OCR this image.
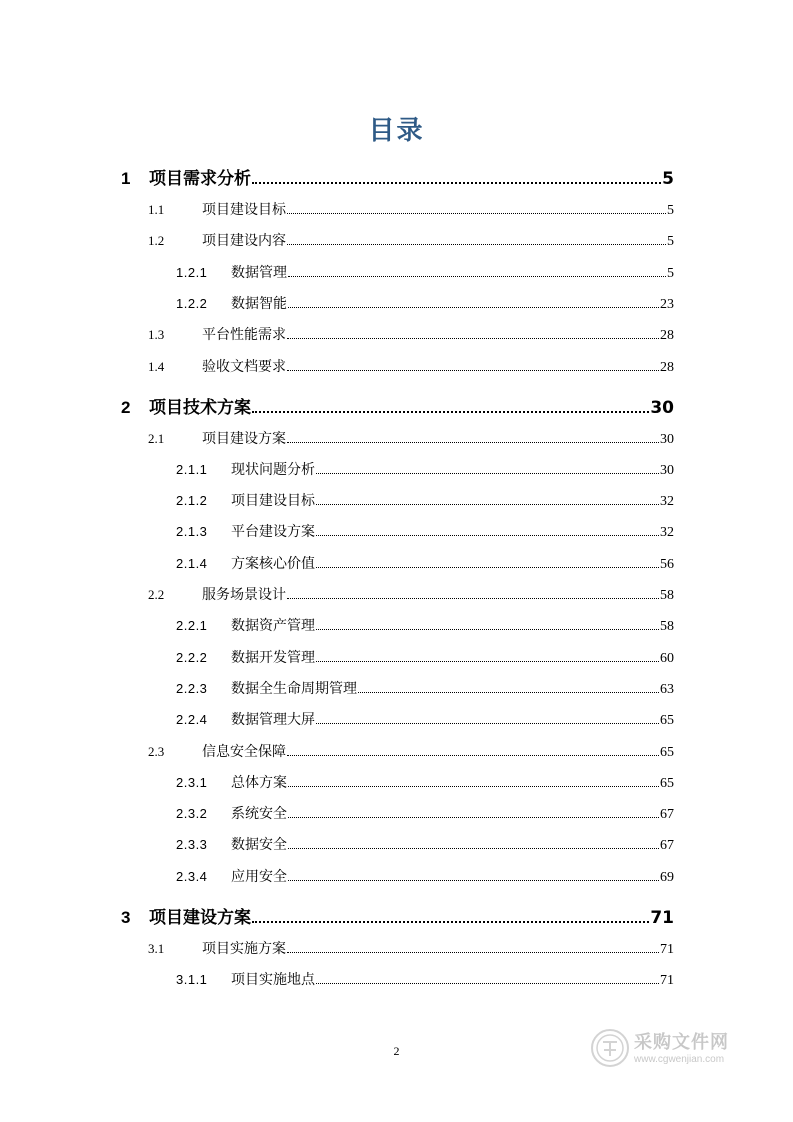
目录
1	项目需求分析	5
1.1	项目建设目标	5
1.2	项目建设内容	5
1.2.1	数据管理	5
1.2.2	数据智能	23
1.3	平台性能需求	28
1.4	验收文档要求	28
2	项目技术方案	30
2.1	项目建设方案	30
2.1.1	现状问题分析	30
2.1.2	项目建设目标	32
2.1.3	平台建设方案	32
2.1.4	方案核心价值	56
2.2	服务场景设计	58
2.2.1	数据资产管理	58
2.2.2	数据开发管理	60
2.2.3	数据全生命周期管理	63
2.2.4	数据管理大屏	65
2.3	信息安全保障	65
2.3.1	总体方案	65
2.3.2	系统安全	67
2.3.3	数据安全	67
2.3.4	应用安全	69
3	项目建设方案	71
3.1	项目实施方案	71
3.1.1	项目实施地点	71
2	采购文件网
www.cgwenjian.com
